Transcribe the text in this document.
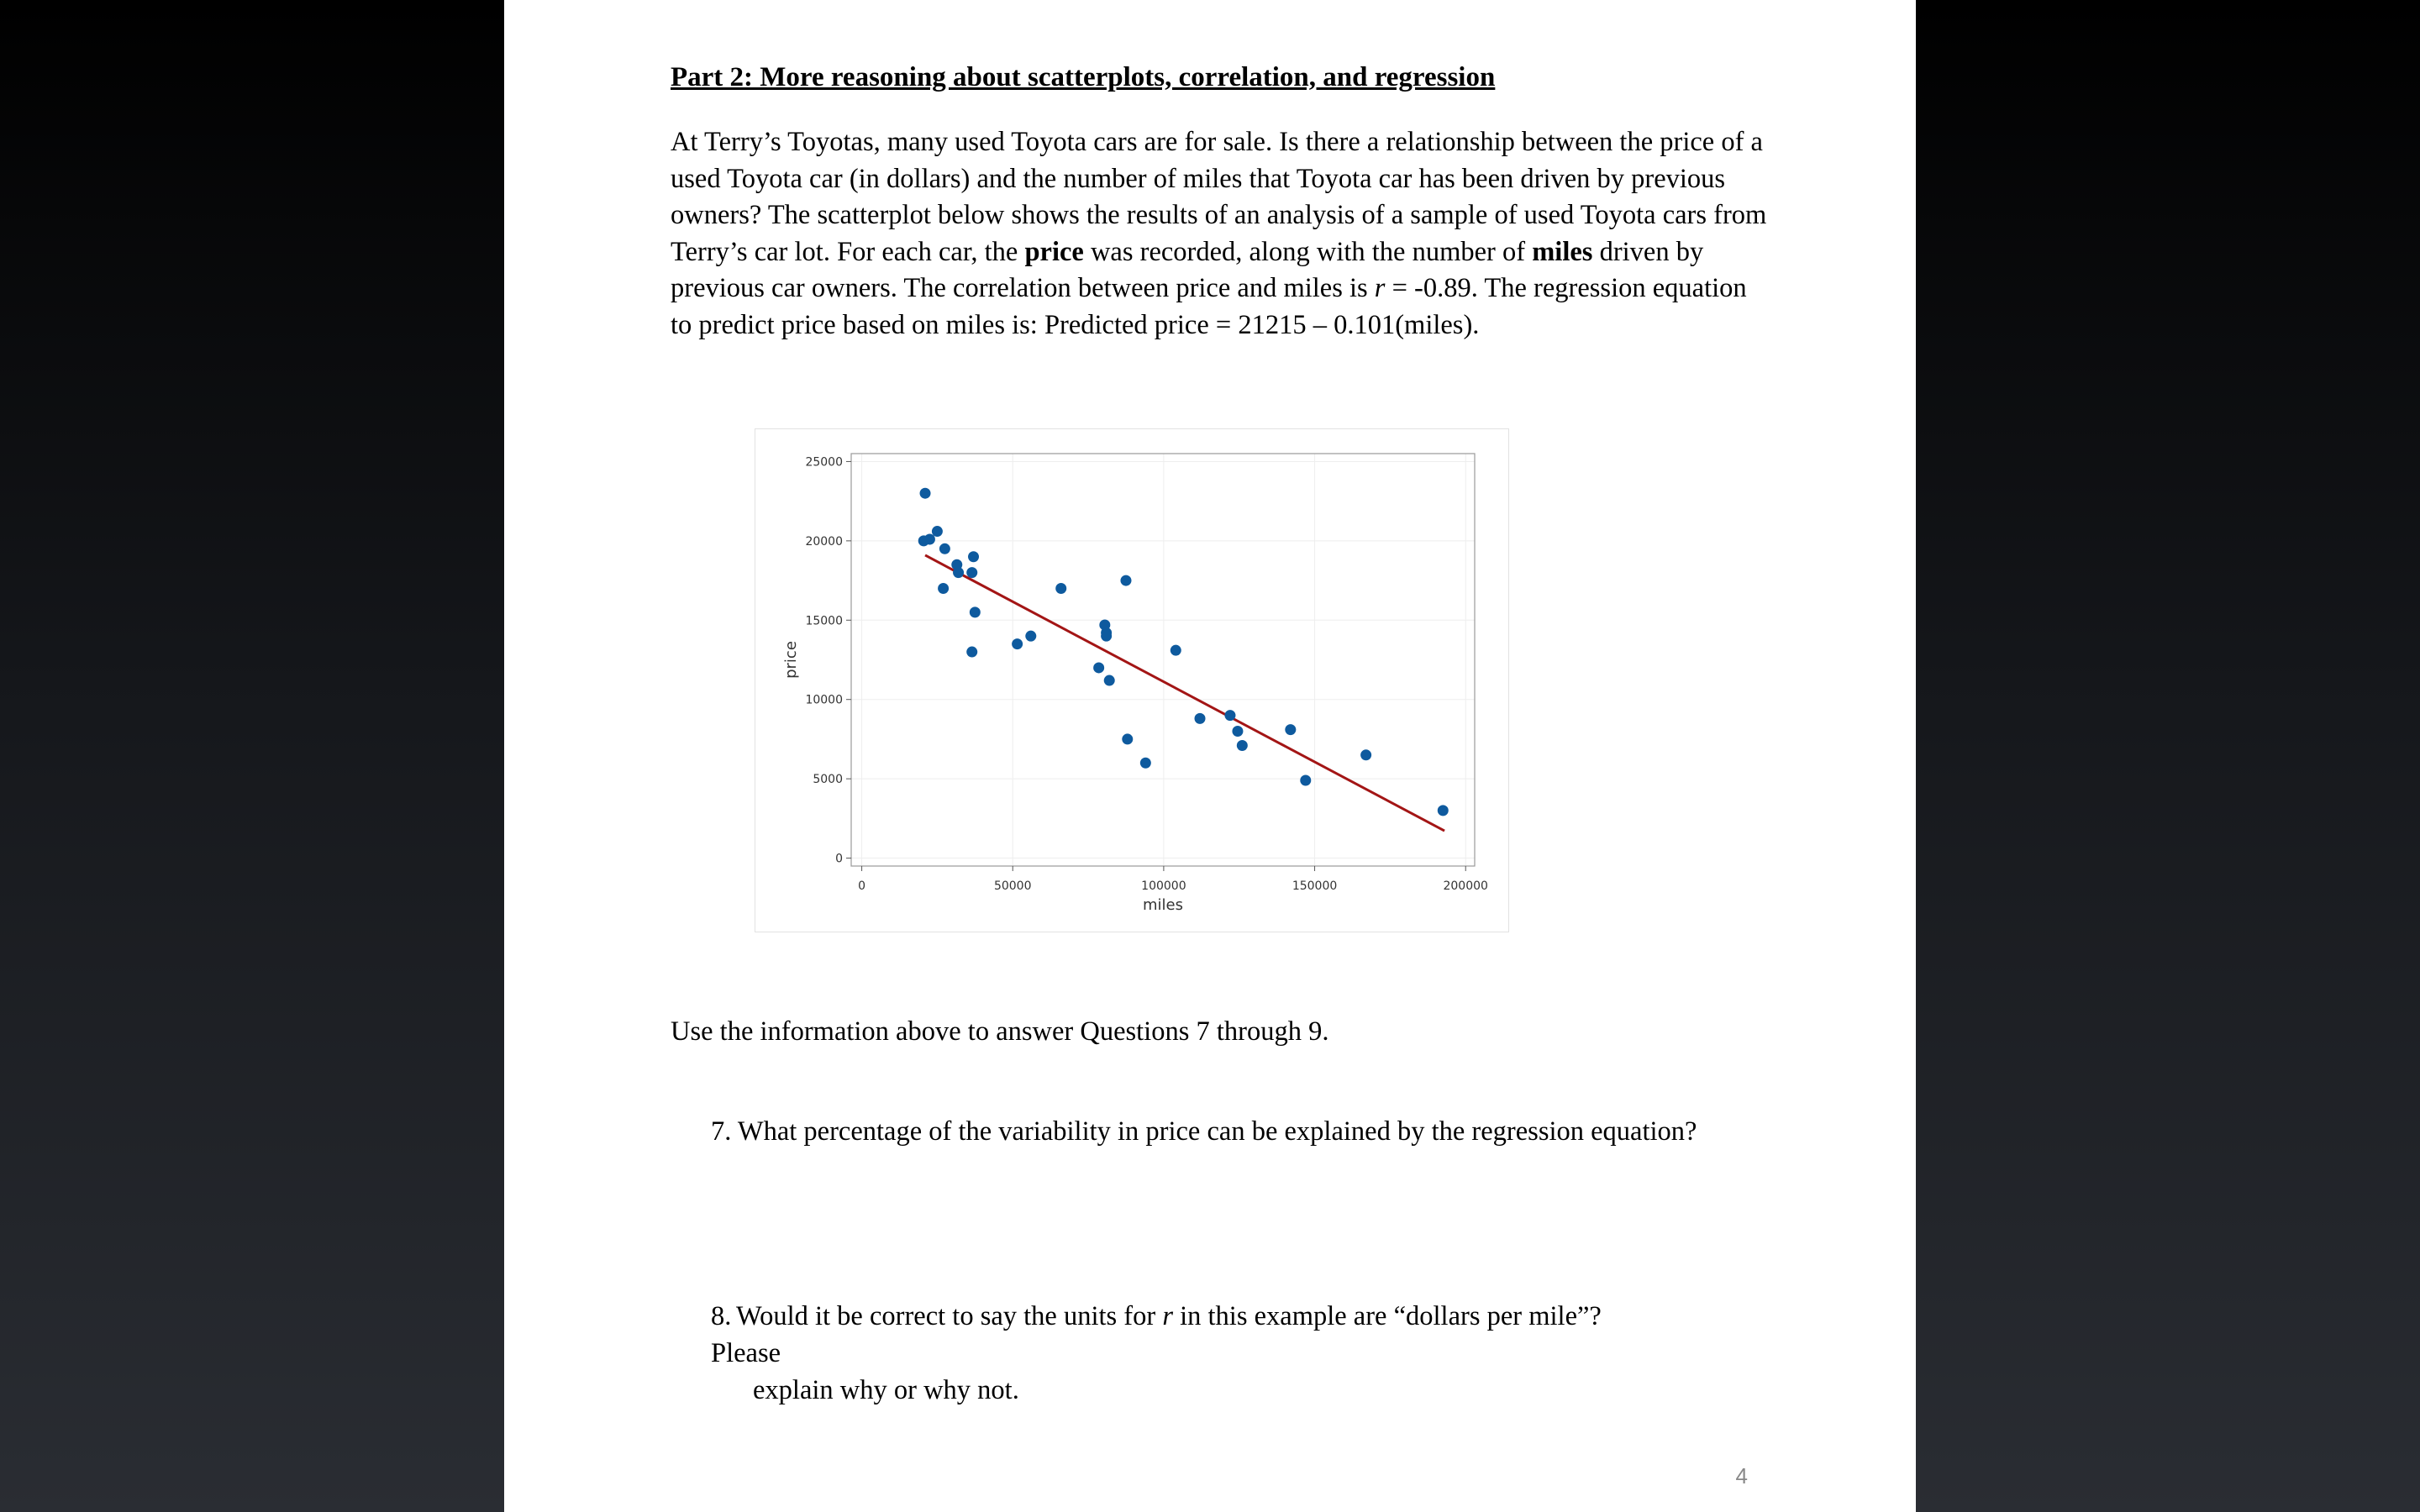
Part 2: More reasoning about scatterplots, correlation, and regression

At Terry’s Toyotas, many used Toyota cars are for sale. Is there a relationship between the price of a used Toyota car (in dollars) and the number of miles that Toyota car has been driven by previous owners? The scatterplot below shows the results of an analysis of a sample of used Toyota cars from Terry’s car lot. For each car, the price was recorded, along with the number of miles driven by previous car owners. The correlation between price and miles is r = -0.89. The regression equation to predict price based on miles is: Predicted price = 21215 – 0.101(miles).

0	50000	100000	150000	200000
0
5000
10000
15000
20000
25000
miles
price

Use the information above to answer Questions 7 through 9.

7. What percentage of the variability in price can be explained by the regression equation?

8. Would it be correct to say the units for r in this example are “dollars per mile”? Please
explain why or why not.

4
